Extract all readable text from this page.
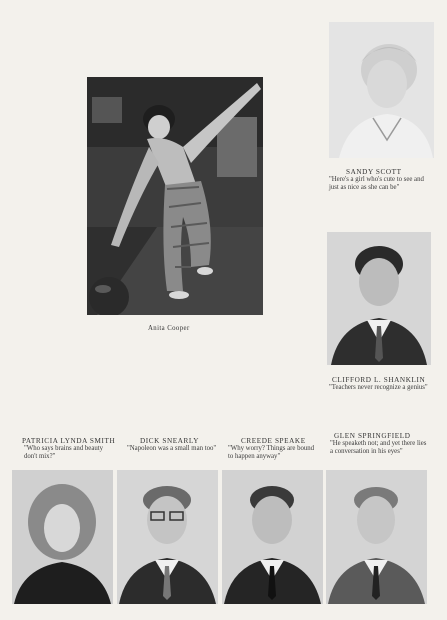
Anita Cooper
SANDY SCOTT
"Here's a girl who's cute to see and just as nice as she can be"
CLIFFORD L. SHANKLIN
"Teachers never recognize a genius"
PATRICIA LYNDA SMITH
"Who says brains and beauty don't mix?"
DICK SNEARLY
"Napoleon was a small man too"
CREEDE SPEAKE
"Why worry? Things are bound to happen anyway"
GLEN SPRINGFIELD
"He speaketh not; and yet there lies a conversation in his eyes"
